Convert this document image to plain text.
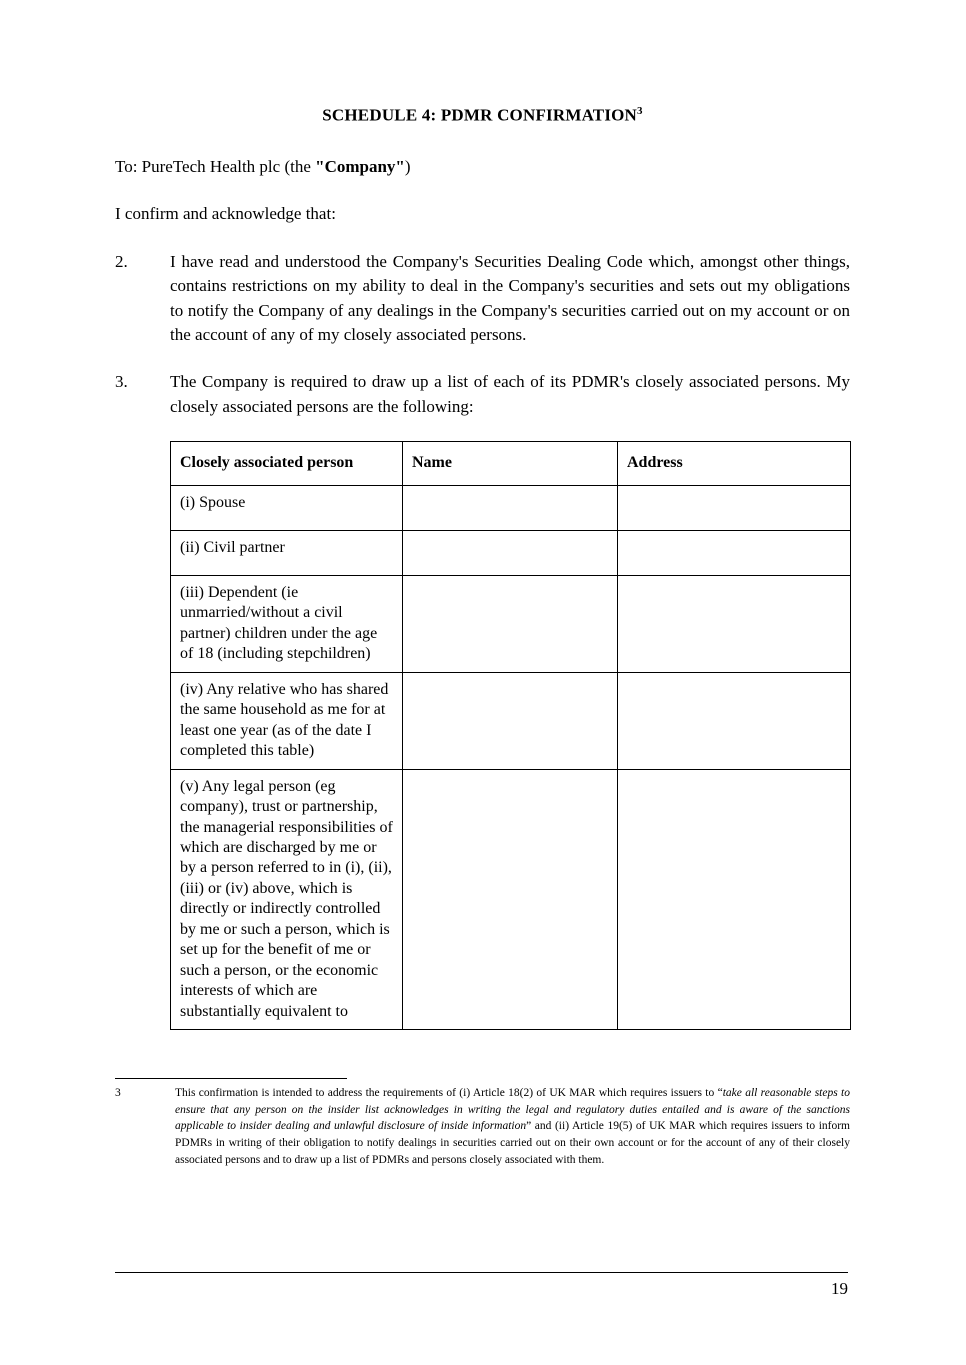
SCHEDULE 4: PDMR CONFIRMATION$^3$

To: PureTech Health plc (the "Company")

I confirm and acknowledge that:

2.	I have read and understood the Company's Securities Dealing Code which, amongst other things, contains restrictions on my ability to deal in the Company's securities and sets out my obligations to notify the Company of any dealings in the Company's securities carried out on my account or on the account of any of my closely associated persons.
3.	The Company is required to draw up a list of each of its PDMR's closely associated persons. My closely associated persons are the following:
Closely associated person	Name	Address
(i) Spouse		
(ii) Civil partner		
(iii) Dependent (ie unmarried/without a civil partner) children under the age of 18 (including stepchildren)		
(iv) Any relative who has shared the same household as me for at least one year (as of the date I completed this table)		
(v) Any legal person (eg company), trust or partnership, the managerial responsibilities of which are discharged by me or by a person referred to in (i), (ii), (iii) or (iv) above, which is directly or indirectly controlled by me or such a person, which is set up for the benefit of me or such a person, or the economic interests of which are substantially equivalent to		
3	This confirmation is intended to address the requirements of (i) Article 18(2) of UK MAR which requires issuers to “take all reasonable steps to ensure that any person on the insider list acknowledges in writing the legal and regulatory duties entailed and is aware of the sanctions applicable to insider dealing and unlawful disclosure of inside information” and (ii) Article 19(5) of UK MAR which requires issuers to inform PDMRs in writing of their obligation to notify dealings in securities carried out on their own account or for the account of any of their closely associated persons and to draw up a list of PDMRs and persons closely associated with them.
19
